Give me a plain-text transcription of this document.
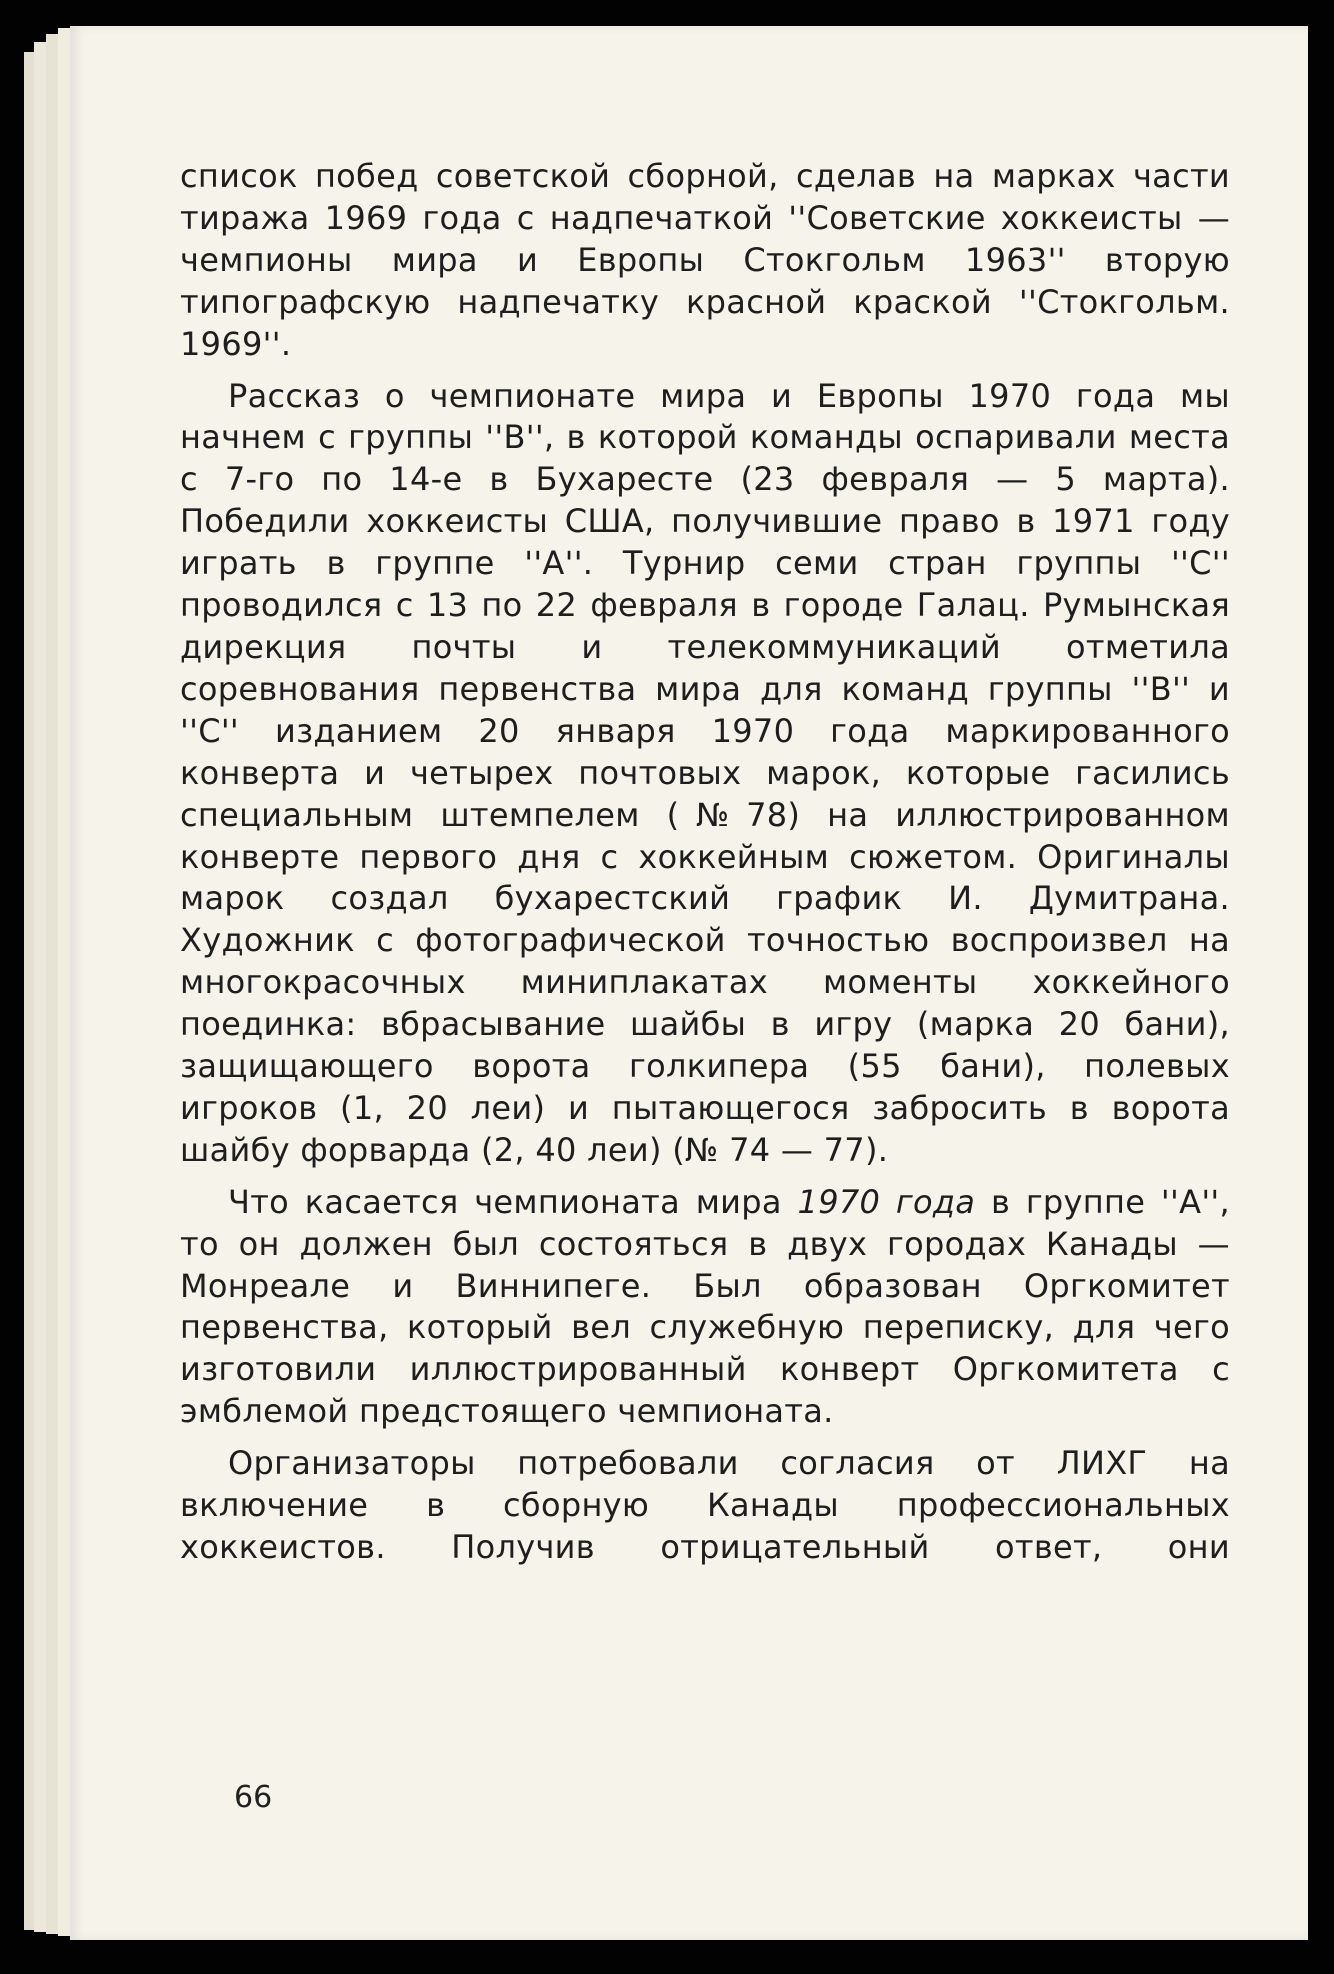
список побед советской сборной, сделав на марках части тиража 1969 года с надпечаткой ''Советские хоккеисты — чемпионы мира и Европы Стокгольм 1963'' вторую типографскую надпечатку красной краской ''Стокгольм. 1969''.

Рассказ о чемпионате мира и Европы 1970 года мы начнем с группы ''В'', в которой команды оспаривали места с 7-го по 14-е в Бухаресте (23 февраля — 5 марта). Победили хоккеисты США, получившие право в 1971 году играть в группе ''А''. Турнир семи стран группы ''С'' проводился с 13 по 22 февраля в городе Галац. Румынская дирекция почты и телекоммуникаций отметила соревнования первенства мира для команд группы ''В'' и ''С'' изданием 20 января 1970 года маркированного конверта и четырех почтовых марок, которые гасились специальным штемпелем (№78) на иллюстрированном конверте первого дня с хоккейным сюжетом. Оригиналы марок создал бухарестский график И. Думитрана. Художник с фотографической точностью воспроизвел на многокрасочных миниплакатах моменты хоккейного поединка: вбрасывание шайбы в игру (марка 20 бани), защищающего ворота голкипера (55 бани), полевых игроков (1, 20 леи) и пытающегося забросить в ворота шайбу форварда (2, 40 леи) (№ 74 — 77).

Что касается чемпионата мира 1970 года в группе ''А'', то он должен был состояться в двух городах Канады — Монреале и Виннипеге. Был образован Оргкомитет первенства, который вел служебную переписку, для чего изготовили иллюстрированный конверт Оргкомитета с эмблемой предстоящего чемпионата.

Организаторы потребовали согласия от ЛИХГ на включение в сборную Канады профессиональных хоккеистов. Получив отрицательный ответ, они

66
